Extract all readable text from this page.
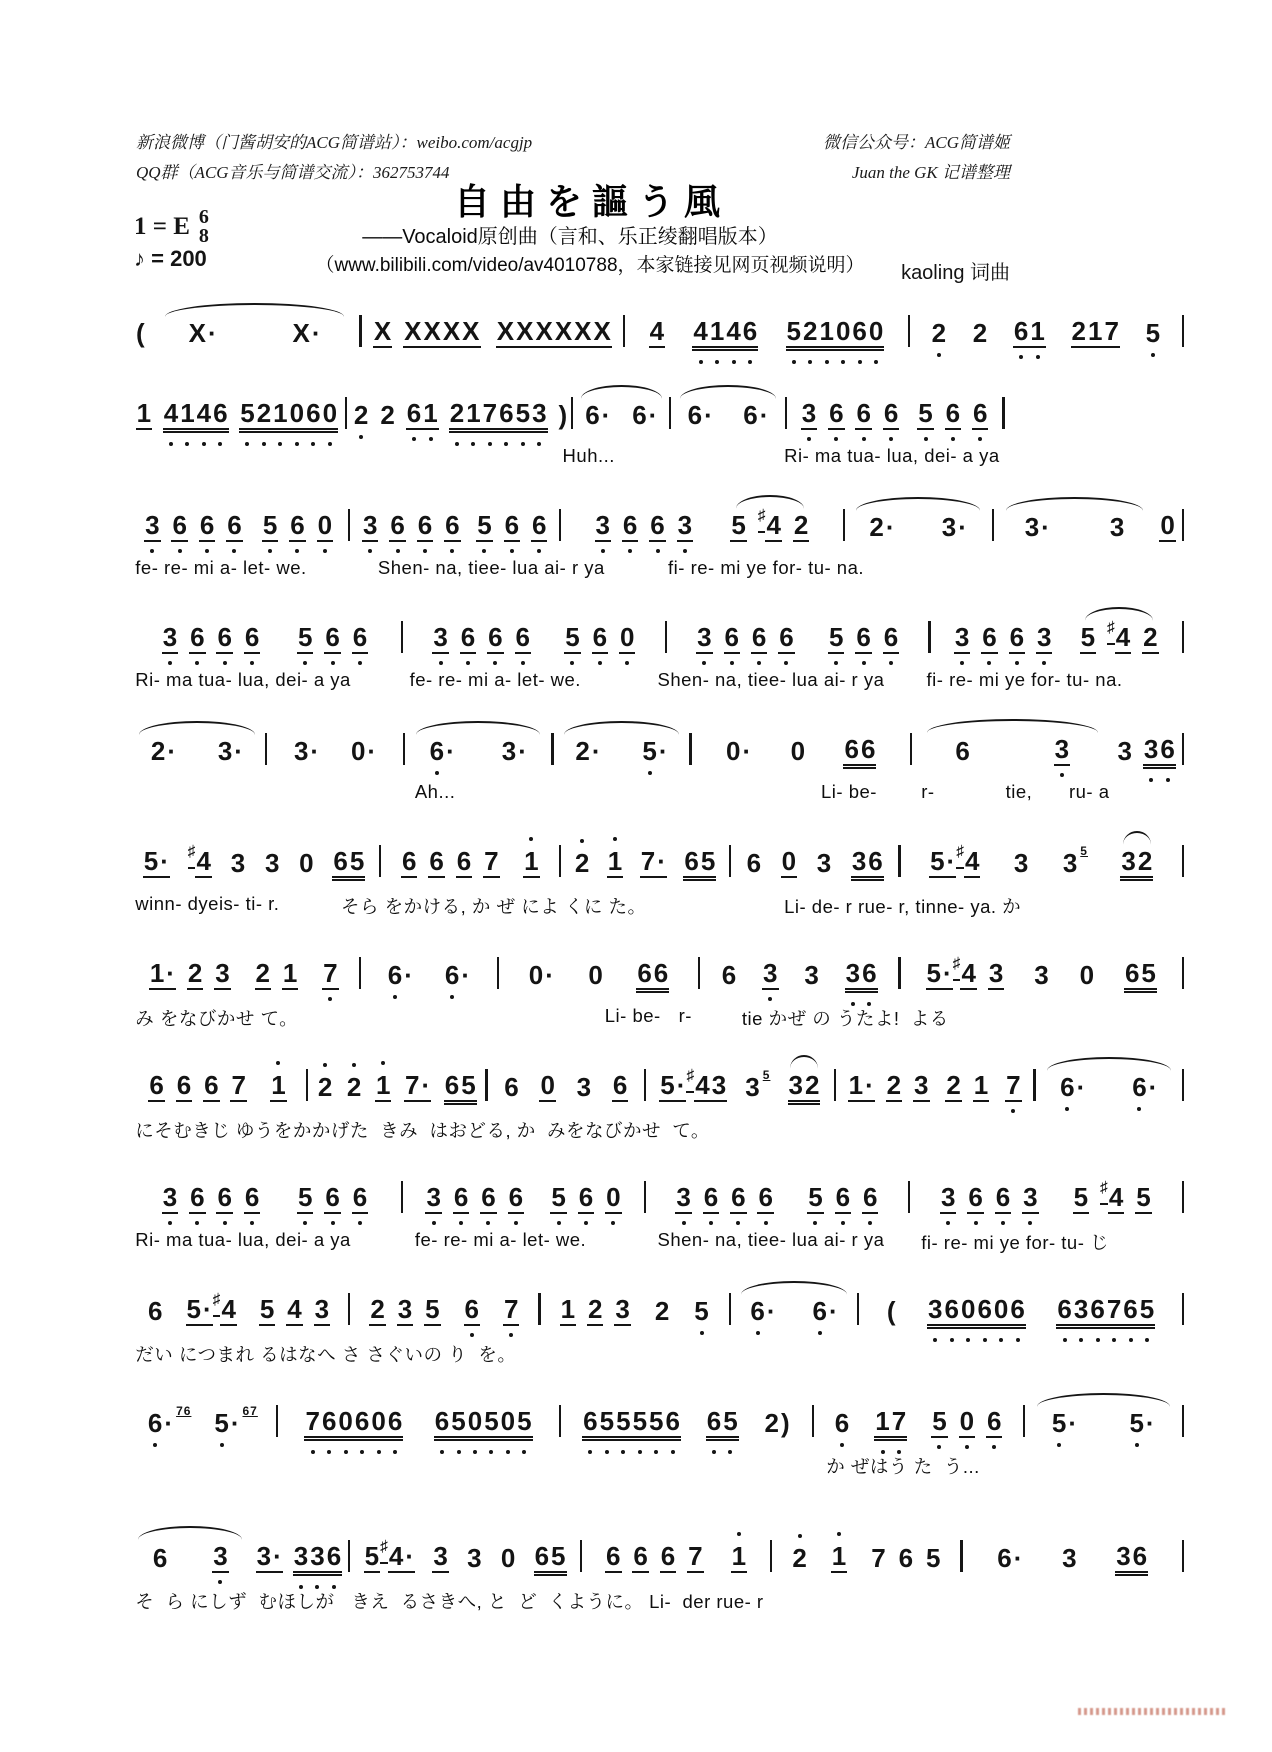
新浪微博（门酱胡安的ACG简谱站）：weibo.com/acgjp	微信公众号：ACG简谱姬
QQ群（ACG音乐与简谱交流）：362753744	Juan the GK 记谱整理
自由を謳う風
——Vocaloid原创曲（言和、乐正绫翻唱版本）
（www.bilibili.com/video/av4010788，本家链接见网页视频说明）
1 = E 6
8
♪ = 200
kaoling 词曲
( X ·	X · X X X X X X X X X X X 4 4 1 4 6 5 2 1 0 6 0 2 2 6 1 2 1 7 5
1 4 1 4 6 5 2 1 0 6 0 2 2 6 1 2 1 7 6 5 3 ) 6 · 6 · 6 · 6 · 3 6 6 6 5 6 6
Huh...	Ri- ma tua- lua, dei- a ya
3 6 6 6 5 6 0 3 6 6 6 5 6 6 3 6 6 3 5 ♯ 4 2 2 · 3 · 3 · 3 0
fe- re- mi a- let- we.	Shen- na, tiee- lua ai- r ya	fi- re- mi ye for- tu- na.
3 6 6 6 5 6 6	3 6 6 6 5 6 0 3 6 6 6 5 6 6 3 6 6 3 5 ♯ 4 2
Ri- ma tua- lua, dei- a ya	fe- re- mi a- let- we.	Shen- na, tiee- lua ai- r ya fi- re- mi ye for- tu- na.
2 · 3 · 3 · 0 · 6 · 3 · 2 · 5 · 0 · 0 6 6	6	3 3 3 6
Ah...	Li- be- r-	tie, ru- a
5 · ♯ 4 3 3 0 6 5 6 6 6 7 1 2 1 7 · 6 5 6 0 3 3 6 5 · ♯ 4 3 3 $^5$ 3 2
winn- dyeis- ti- r.	そら をかける, か ぜ によ くに た。	Li- de- r rue- r, tinne- ya. か
1 · 2 3 2 1 7 6 · 6 · 0 · 0 6 6 6 3 3 3 6 5 · ♯ 4 3 3 0 6 5
み をなびかせ て。	Li- be- r-	tie かぜ の うたよ!  よる
6 6 6 7 1 2 2 1 7 · 6 5 6 0 3 6 5 · ♯ 4 3 3 $^5$ 3 2 1 · 2 3 2 1 7 6 · 6 ·
にそむきじ ゆうをかかげた  きみ  はおどる, か  みをなびかせ  て。
3 6 6 6 5 6 6 3 6 6 6 5 6 0 3 6 6 6 5 6 6 3 6 6 3 5 ♯ 4 5
Ri- ma tua- lua, dei- a ya	fe- re- mi a- let- we.	Shen- na, tiee- lua ai- r ya fi- re- mi ye for- tu- じ
6 5 · ♯ 4 5 4 3 2 3 5 6 7 1 2 3 2 5 6 · 6 · ( 3 6 0 6 0 6 6 3 6 7 6 5
だい につまれ るはなへ さ さぐいの り  を。
6 · $^{76}$ 5 · $^{67}$ 7 6 0 6 0 6 6 5 0 5 0 5 6 5 5 5 5 6 6 5 2 ) 6 1 7 5 0 6 5 · 5 ·
か ぜはう た  う...
6 3 3 · 3 3 6 5 ♯ 4 · 3 3 0 6 5 6 6 6 7 1 2 1 7 6 5 6 · 3 3 6
そ  ら にしず  むほしが   きえ  るさきへ, と  ど  くように。 Li-  der rue- r
